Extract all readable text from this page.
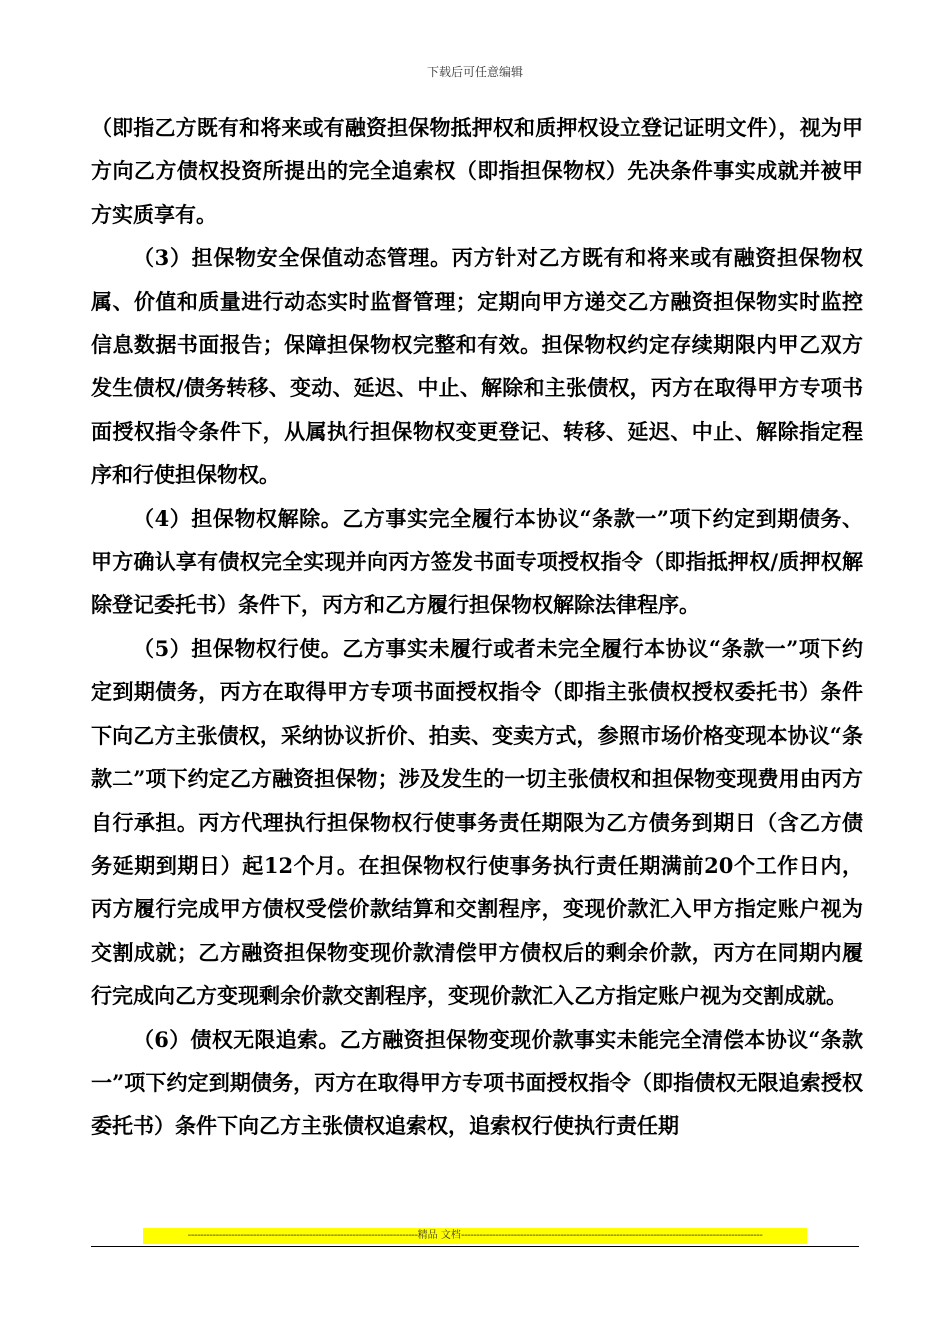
下载后可任意编辑

（即指乙方既有和将来或有融资担保物抵押权和质押权设立登记证明文件），视为甲方向乙方债权投资所提出的完全追索权（即指担保物权）先决条件事实成就并被甲方实质享有。

（3）担保物安全保值动态管理。丙方针对乙方既有和将来或有融资担保物权属、价值和质量进行动态实时监督管理；定期向甲方递交乙方融资担保物实时监控信息数据书面报告；保障担保物权完整和有效。担保物权约定存续期限内甲乙双方发生债权/债务转移、变动、延迟、中止、解除和主张债权，丙方在取得甲方专项书面授权指令条件下，从属执行担保物权变更登记、转移、延迟、中止、解除指定程序和行使担保物权。

（4）担保物权解除。乙方事实完全履行本协议“条款一”项下约定到期债务、甲方确认享有债权完全实现并向丙方签发书面专项授权指令（即指抵押权/质押权解除登记委托书）条件下，丙方和乙方履行担保物权解除法律程序。

（5）担保物权行使。乙方事实未履行或者未完全履行本协议“条款一”项下约定到期债务，丙方在取得甲方专项书面授权指令（即指主张债权授权委托书）条件下向乙方主张债权，采纳协议折价、拍卖、变卖方式，参照市场价格变现本协议“条款二”项下约定乙方融资担保物；涉及发生的一切主张债权和担保物变现费用由丙方自行承担。丙方代理执行担保物权行使事务责任期限为乙方债务到期日（含乙方债务延期到期日）起12个月。在担保物权行使事务执行责任期满前20个工作日内，丙方履行完成甲方债权受偿价款结算和交割程序，变现价款汇入甲方指定账户视为交割成就；乙方融资担保物变现价款清偿甲方债权后的剩余价款，丙方在同期内履行完成向乙方变现剩余价款交割程序，变现价款汇入乙方指定账户视为交割成就。

（6）债权无限追索。乙方融资担保物变现价款事实未能完全清偿本协议“条款一”项下约定到期债务，丙方在取得甲方专项书面授权指令（即指债权无限追索授权委托书）条件下向乙方主张债权追索权，追索权行使执行责任期

--------------------------------------------------------------------------精品 文档-------------------------------------------------------------------------------------------------
